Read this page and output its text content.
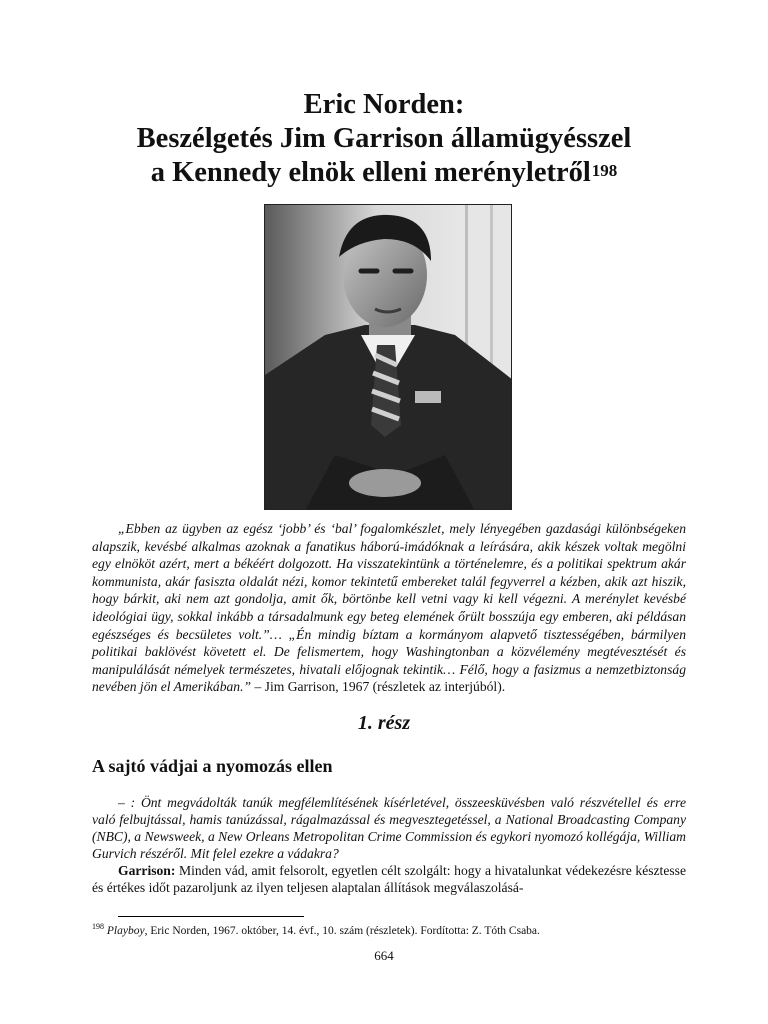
Eric Norden:
Beszélgetés Jim Garrison államügyésszel
a Kennedy elnök elleni merényletről$^{198}$

„Ebben az ügyben az egész ‘jobb’ és ‘bal’ fogalomkészlet, mely lényegében gazdasági különbségeken alapszik, kevésbé alkalmas azoknak a fanatikus háború-imádóknak a leírására, akik készek voltak megölni egy elnököt azért, mert a békéért dolgozott. Ha visszatekintünk a történelemre, és a politikai spektrum akár kommunista, akár fasiszta oldalát nézi, komor tekintetű embereket talál fegyverrel a kézben, akik azt hiszik, hogy bárkit, aki nem azt gondolja, amit ők, börtönbe kell vetni vagy ki kell végezni. A merénylet kevésbé ideológiai ügy, sokkal inkább a társadalmunk egy beteg elemének őrült bosszúja egy emberen, aki példásan egészséges és becsületes volt.”… „Én mindig bíztam a kormányom alapvető tisztességében, bármilyen politikai baklövést követett el. De felismertem, hogy Washingtonban a közvélemény megtévesztését és manipulálását némelyek természetes, hivatali előjognak tekintik… Félő, hogy a fasizmus a nemzetbiztonság nevében jön el Amerikában.” – Jim Garrison, 1967 (részletek az interjúból).

1. rész
A sajtó vádjai a nyomozás ellen

– : Önt megvádolták tanúk megfélemlítésének kísérletével, összeesküvésben való részvétellel és erre való felbujtással, hamis tanúzással, rágalmazással és megvesztegetéssel, a National Broadcasting Company (NBC), a Newsweek, a New Orleans Metropolitan Crime Commission és egykori nyomozó kollégája, William Gurvich részéről. Mit felel ezekre a vádakra?

Garrison: Minden vád, amit felsorolt, egyetlen célt szolgált: hogy a hivatalunkat védekezésre késztesse és értékes időt pazaroljunk az ilyen teljesen alaptalan állítások megválaszolásá-

$^{198}$ Playboy, Eric Norden, 1967. október, 14. évf., 10. szám (részletek). Fordította: Z. Tóth Csaba.
664
